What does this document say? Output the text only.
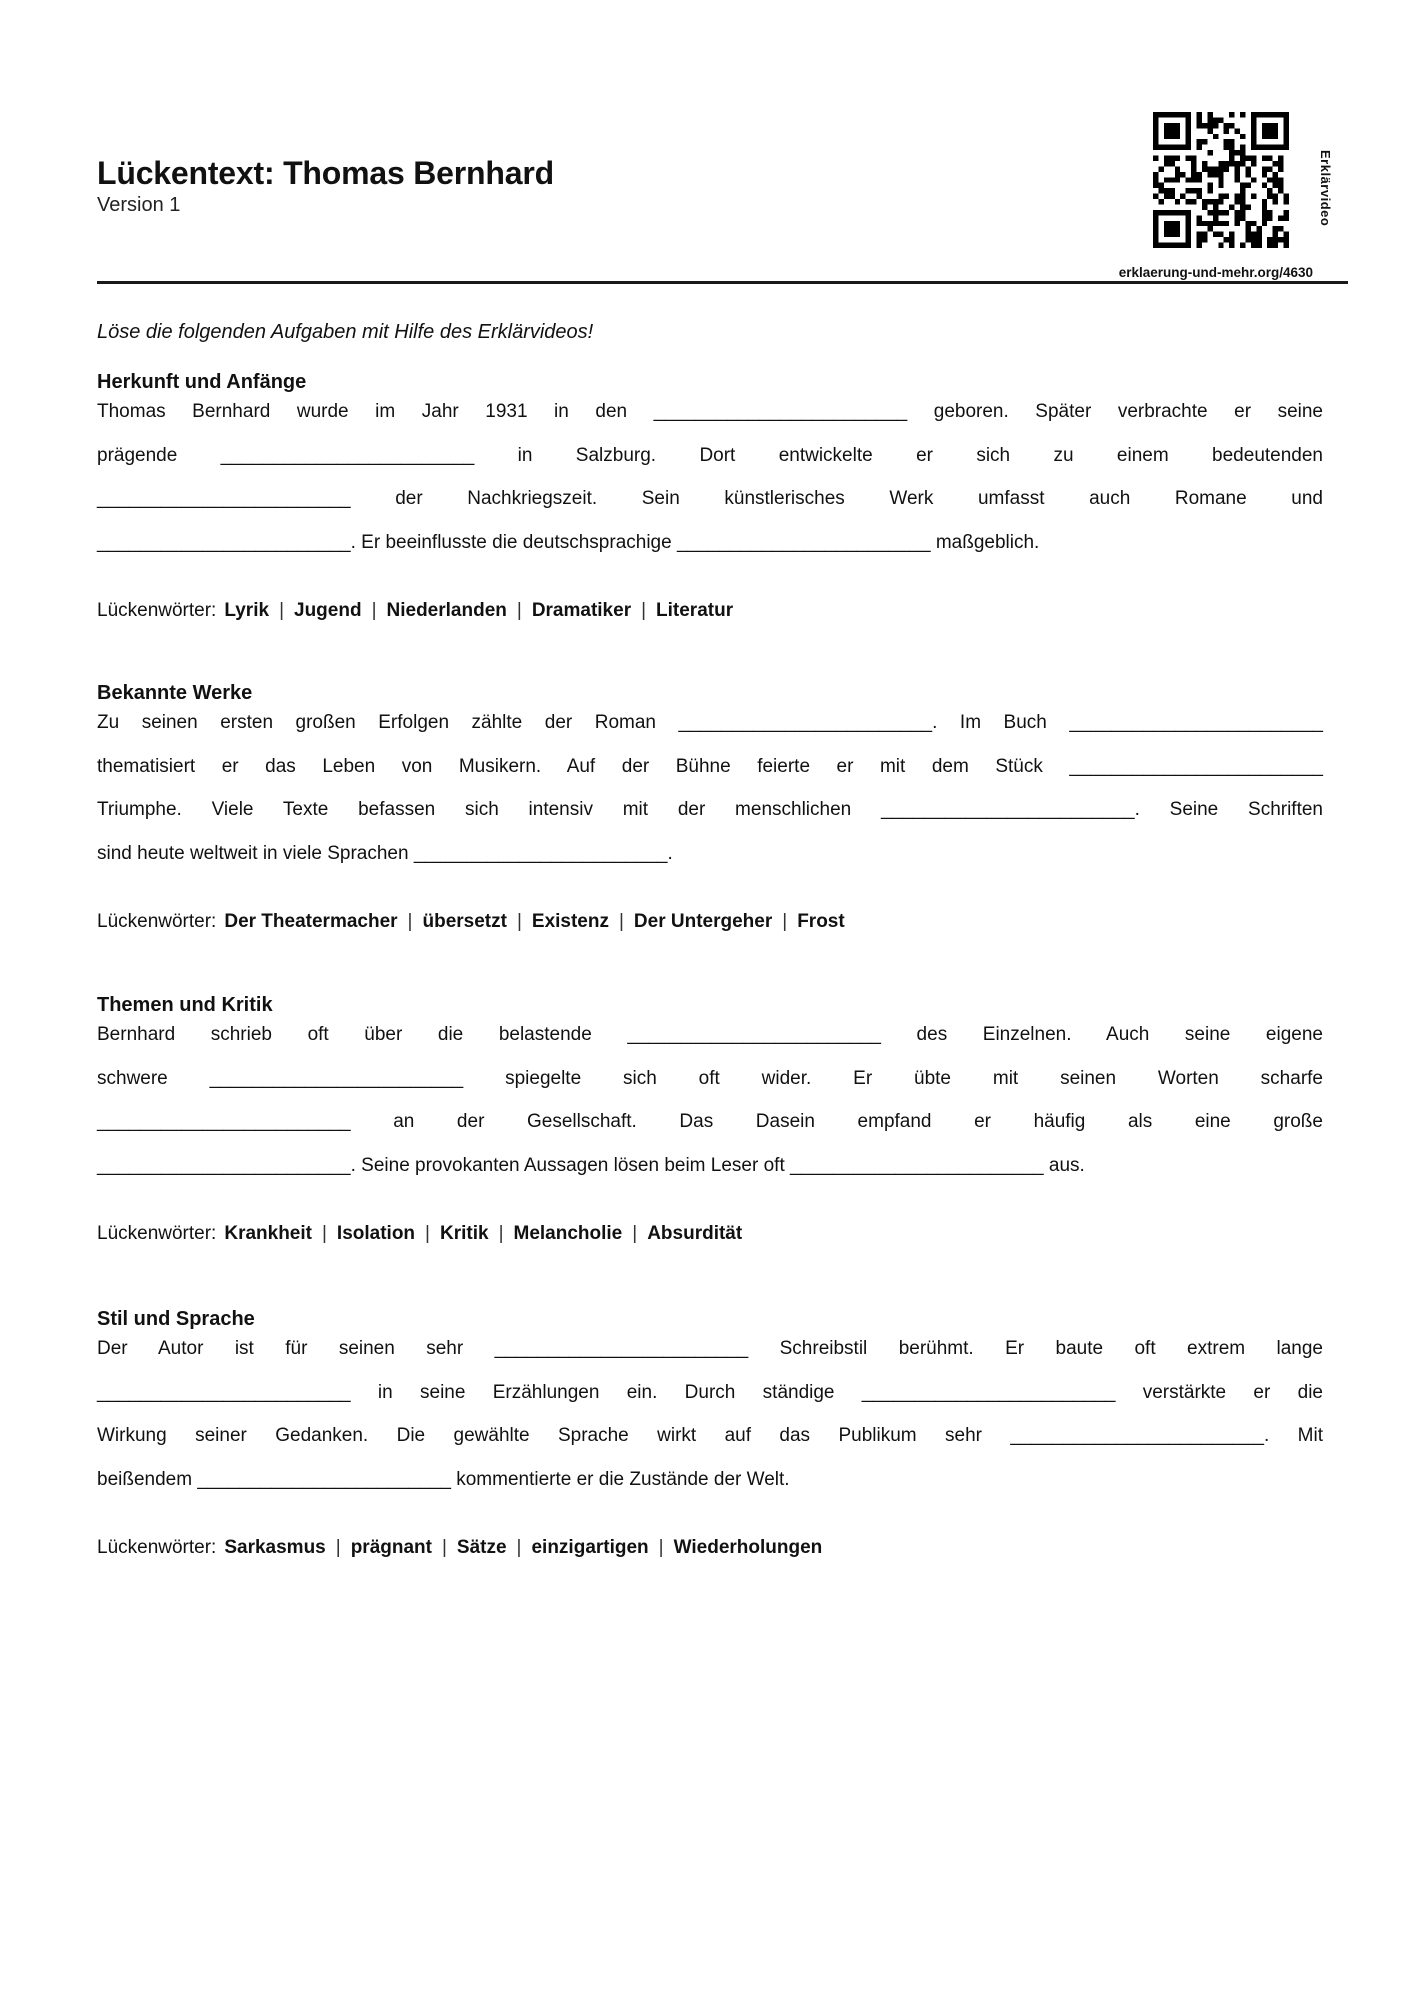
Lückentext: Thomas Bernhard
Version 1	Erklärvideo
erklaerung-und-mehr.org/4630
Löse die folgenden Aufgaben mit Hilfe des Erklärvideos!
Herkunft und Anfänge

Thomas Bernhard wurde im Jahr 1931 in den ________________________ geboren. Später verbrachte er seine

prägende ________________________ in Salzburg. Dort entwickelte er sich zu einem bedeutenden

________________________ der Nachkriegszeit. Sein künstlerisches Werk umfasst auch Romane und

________________________. Er beeinflusste die deutschsprachige ________________________ maßgeblich.

Lückenwörter: Lyrik | Jugend | Niederlanden | Dramatiker | Literatur

Bekannte Werke

Zu seinen ersten großen Erfolgen zählte der Roman ________________________. Im Buch ________________________

thematisiert er das Leben von Musikern. Auf der Bühne feierte er mit dem Stück ________________________

Triumphe. Viele Texte befassen sich intensiv mit der menschlichen ________________________. Seine Schriften

sind heute weltweit in viele Sprachen ________________________.

Lückenwörter: Der Theatermacher | übersetzt | Existenz | Der Untergeher | Frost

Themen und Kritik

Bernhard schrieb oft über die belastende ________________________ des Einzelnen. Auch seine eigene

schwere ________________________ spiegelte sich oft wider. Er übte mit seinen Worten scharfe

________________________ an der Gesellschaft. Das Dasein empfand er häufig als eine große

________________________. Seine provokanten Aussagen lösen beim Leser oft ________________________ aus.

Lückenwörter: Krankheit | Isolation | Kritik | Melancholie | Absurdität

Stil und Sprache

Der Autor ist für seinen sehr ________________________ Schreibstil berühmt. Er baute oft extrem lange

________________________ in seine Erzählungen ein. Durch ständige ________________________ verstärkte er die

Wirkung seiner Gedanken. Die gewählte Sprache wirkt auf das Publikum sehr ________________________. Mit

beißendem ________________________ kommentierte er die Zustände der Welt.

Lückenwörter: Sarkasmus | prägnant | Sätze | einzigartigen | Wiederholungen
